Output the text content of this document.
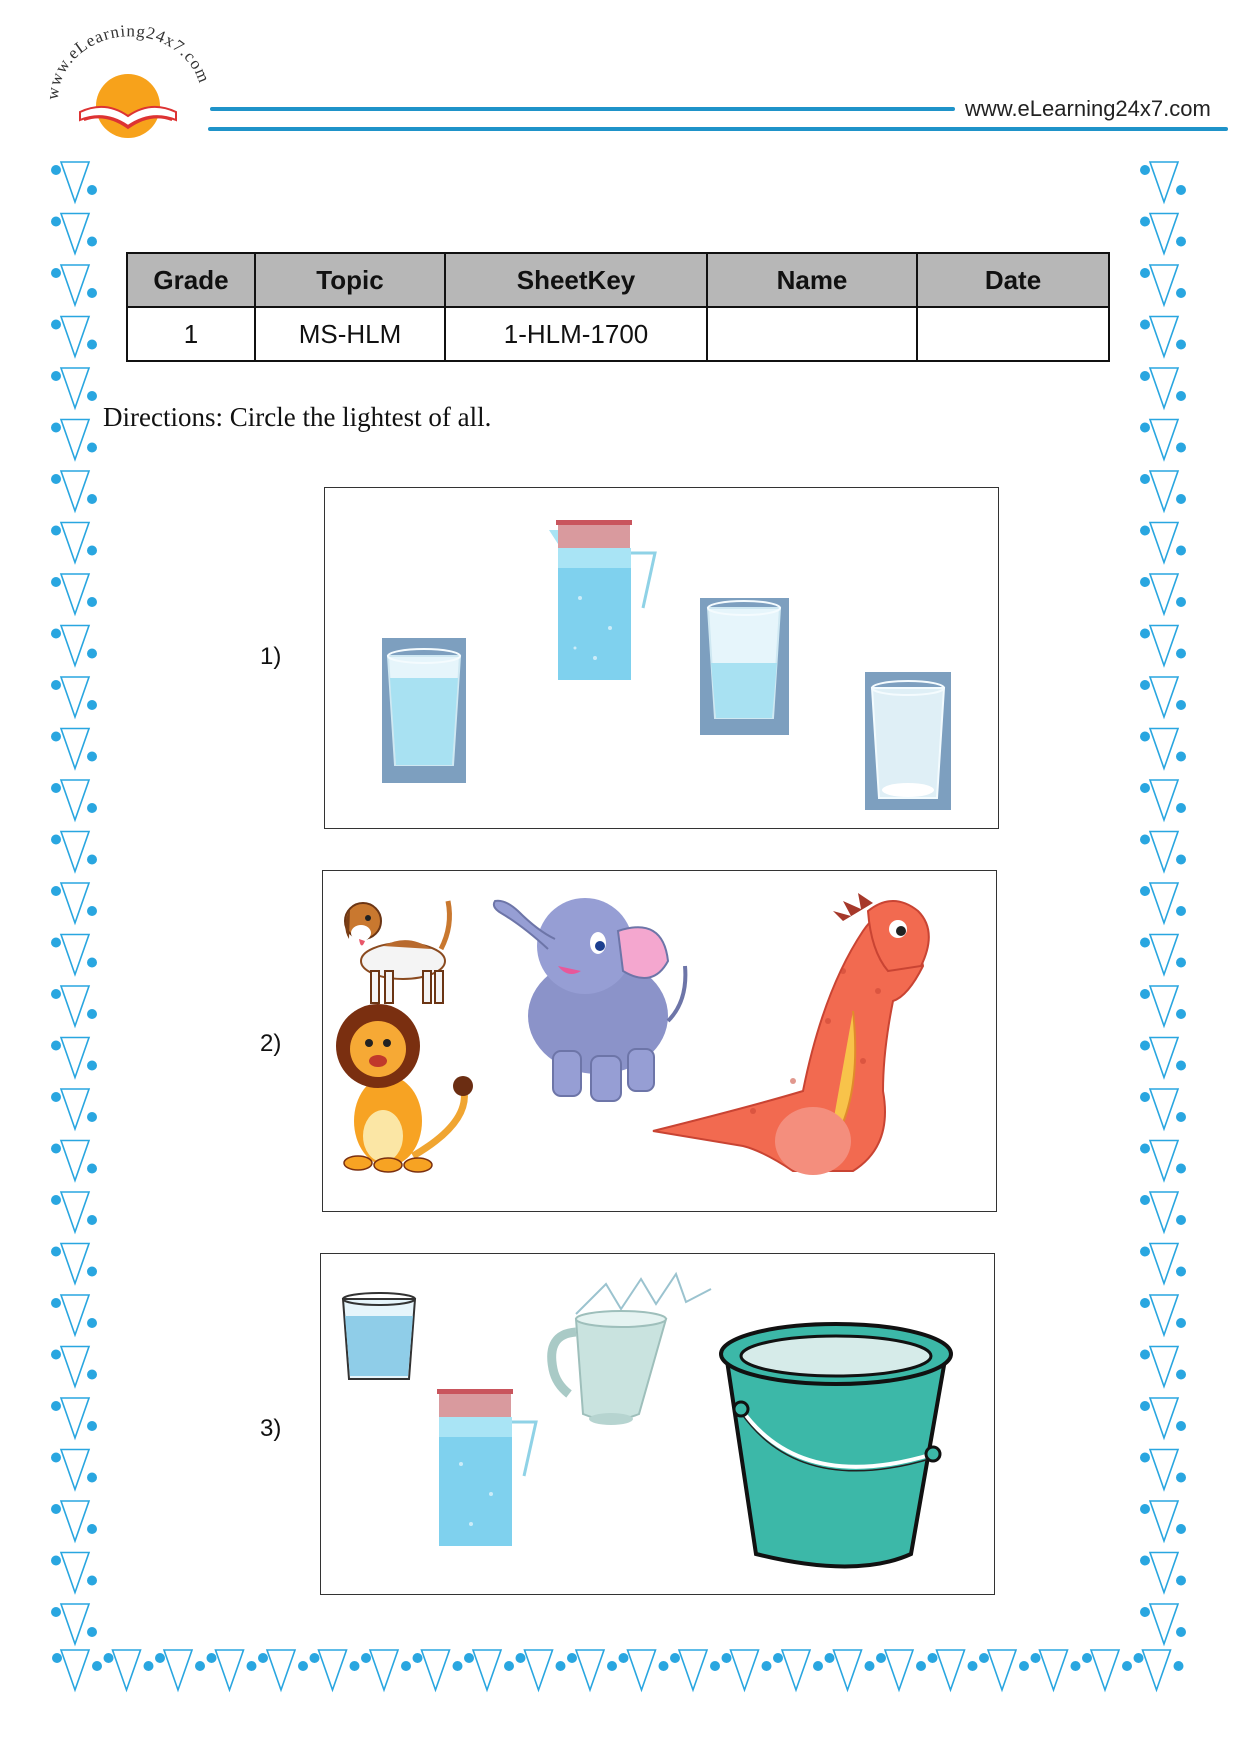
www.eLearning24x7.com
www.eLearning24x7.com
Grade	Topic	SheetKey	Name	Date
1	MS-HLM	1-HLM-1700		
Directions: Circle the lightest of all.
1)
2)
3)
